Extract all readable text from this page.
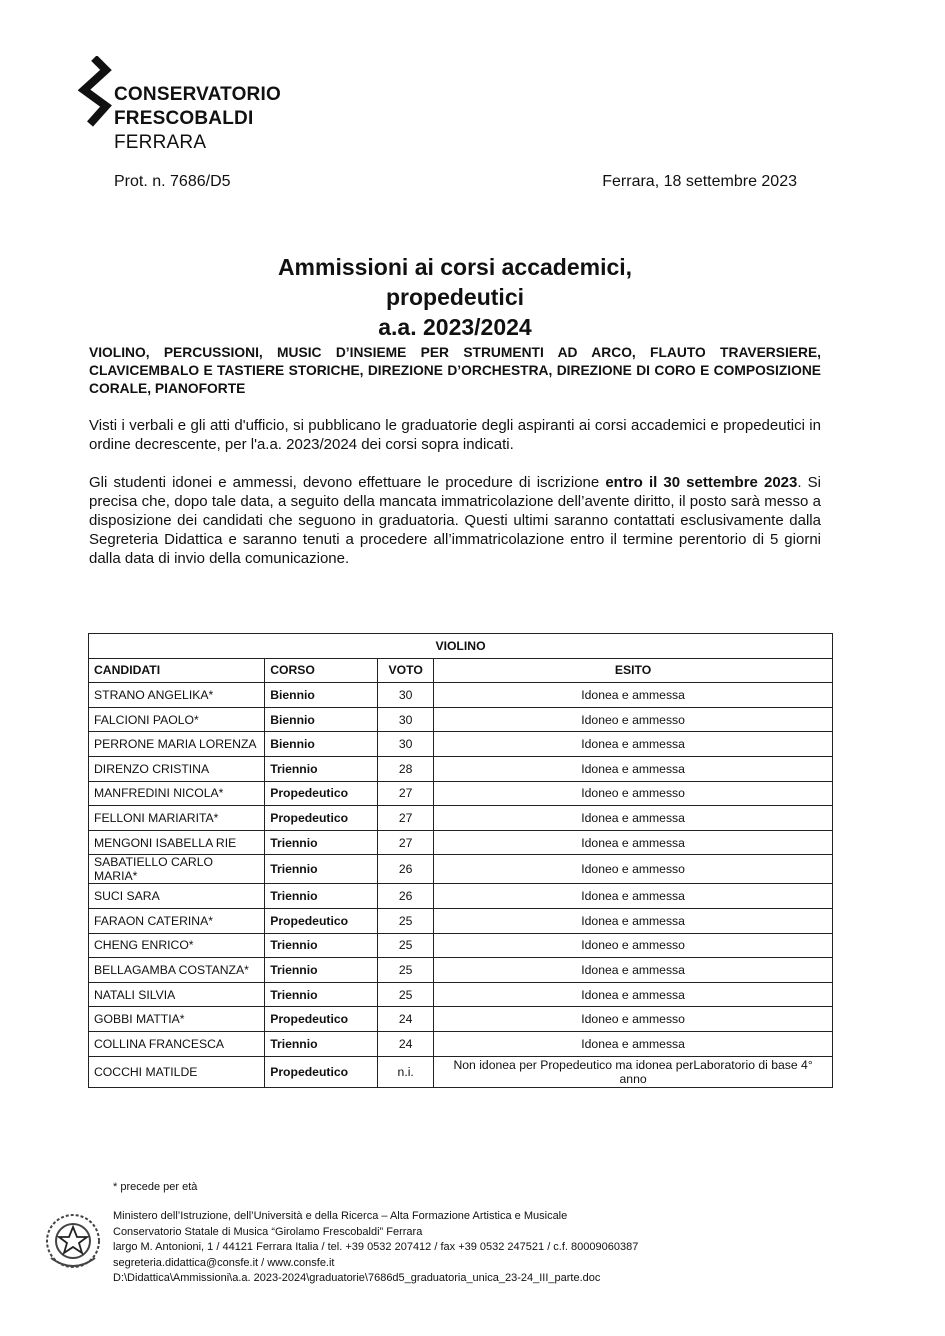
CONSERVATORIO
FRESCOBALDI
FERRARA
Prot. n. 7686/D5	Ferrara, 18 settembre 2023
Ammissioni ai corsi accademici,
propedeutici
a.a. 2023/2024
VIOLINO, PERCUSSIONI, MUSIC D’INSIEME PER STRUMENTI AD ARCO, FLAUTO TRAVERSIERE, CLAVICEMBALO E TASTIERE STORICHE, DIREZIONE D’ORCHESTRA, DIREZIONE DI CORO E COMPOSIZIONE CORALE, PIANOFORTE
Visti i verbali e gli atti d'ufficio, si pubblicano le graduatorie degli aspiranti ai corsi accademici e propedeutici in ordine decrescente, per l'a.a. 2023/2024 dei corsi sopra indicati.
Gli studenti idonei e ammessi, devono effettuare le procedure di iscrizione entro il 30 settembre 2023. Si precisa che, dopo tale data, a seguito della mancata immatricolazione dell’avente diritto, il posto sarà messo a disposizione dei candidati che seguono in graduatoria. Questi ultimi saranno contattati esclusivamente dalla Segreteria Didattica e saranno tenuti a procedere all’immatricolazione entro il termine perentorio di 5 giorni dalla data di invio della comunicazione.
VIOLINO			
CANDIDATI	CORSO	VOTO	ESITO
STRANO ANGELIKA*	Biennio	30	Idonea e ammessa
FALCIONI PAOLO*	Biennio	30	Idoneo e ammesso
PERRONE MARIA LORENZA	Biennio	30	Idonea e ammessa
DIRENZO CRISTINA	Triennio	28	Idonea e ammessa
MANFREDINI NICOLA*	Propedeutico	27	Idoneo e ammesso
FELLONI MARIARITA*	Propedeutico	27	Idonea e ammessa
MENGONI ISABELLA RIE	Triennio	27	Idonea e ammessa
SABATIELLO CARLO MARIA*	Triennio	26	Idoneo e ammesso
SUCI SARA	Triennio	26	Idonea e ammessa
FARAON CATERINA*	Propedeutico	25	Idonea e ammessa
CHENG ENRICO*	Triennio	25	Idoneo e ammesso
BELLAGAMBA COSTANZA*	Triennio	25	Idonea e ammessa
NATALI SILVIA	Triennio	25	Idonea e ammessa
GOBBI MATTIA*	Propedeutico	24	Idoneo e ammesso
COLLINA FRANCESCA	Triennio	24	Idonea e ammessa
COCCHI MATILDE	Propedeutico	n.i.	Non idonea per Propedeutico ma idonea perLaboratorio di base 4° anno
* precede per età
Ministero dell’Istruzione, dell’Università e della Ricerca – Alta Formazione Artistica e Musicale
Conservatorio Statale di Musica “Girolamo Frescobaldi” Ferrara
largo M. Antonioni, 1 / 44121 Ferrara Italia / tel. +39 0532 207412 / fax +39 0532 247521 / c.f. 80009060387
segreteria.didattica@consfe.it / www.consfe.it
D:\Didattica\Ammissioni\a.a. 2023-2024\graduatorie\7686d5_graduatoria_unica_23-24_III_parte.doc
